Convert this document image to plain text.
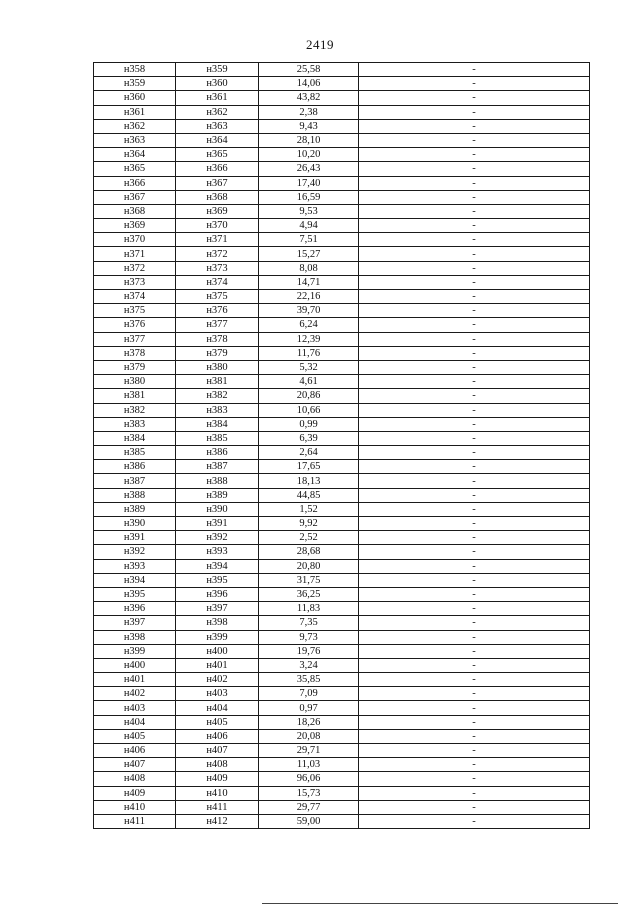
2419
н358	н359	25,58	-
н359	н360	14,06	-
н360	н361	43,82	-
н361	н362	2,38	-
н362	н363	9,43	-
н363	н364	28,10	-
н364	н365	10,20	-
н365	н366	26,43	-
н366	н367	17,40	-
н367	н368	16,59	-
н368	н369	9,53	-
н369	н370	4,94	-
н370	н371	7,51	-
н371	н372	15,27	-
н372	н373	8,08	-
н373	н374	14,71	-
н374	н375	22,16	-
н375	н376	39,70	-
н376	н377	6,24	-
н377	н378	12,39	-
н378	н379	11,76	-
н379	н380	5,32	-
н380	н381	4,61	-
н381	н382	20,86	-
н382	н383	10,66	-
н383	н384	0,99	-
н384	н385	6,39	-
н385	н386	2,64	-
н386	н387	17,65	-
н387	н388	18,13	-
н388	н389	44,85	-
н389	н390	1,52	-
н390	н391	9,92	-
н391	н392	2,52	-
н392	н393	28,68	-
н393	н394	20,80	-
н394	н395	31,75	-
н395	н396	36,25	-
н396	н397	11,83	-
н397	н398	7,35	-
н398	н399	9,73	-
н399	н400	19,76	-
н400	н401	3,24	-
н401	н402	35,85	-
н402	н403	7,09	-
н403	н404	0,97	-
н404	н405	18,26	-
н405	н406	20,08	-
н406	н407	29,71	-
н407	н408	11,03	-
н408	н409	96,06	-
н409	н410	15,73	-
н410	н411	29,77	-
н411	н412	59,00	-
